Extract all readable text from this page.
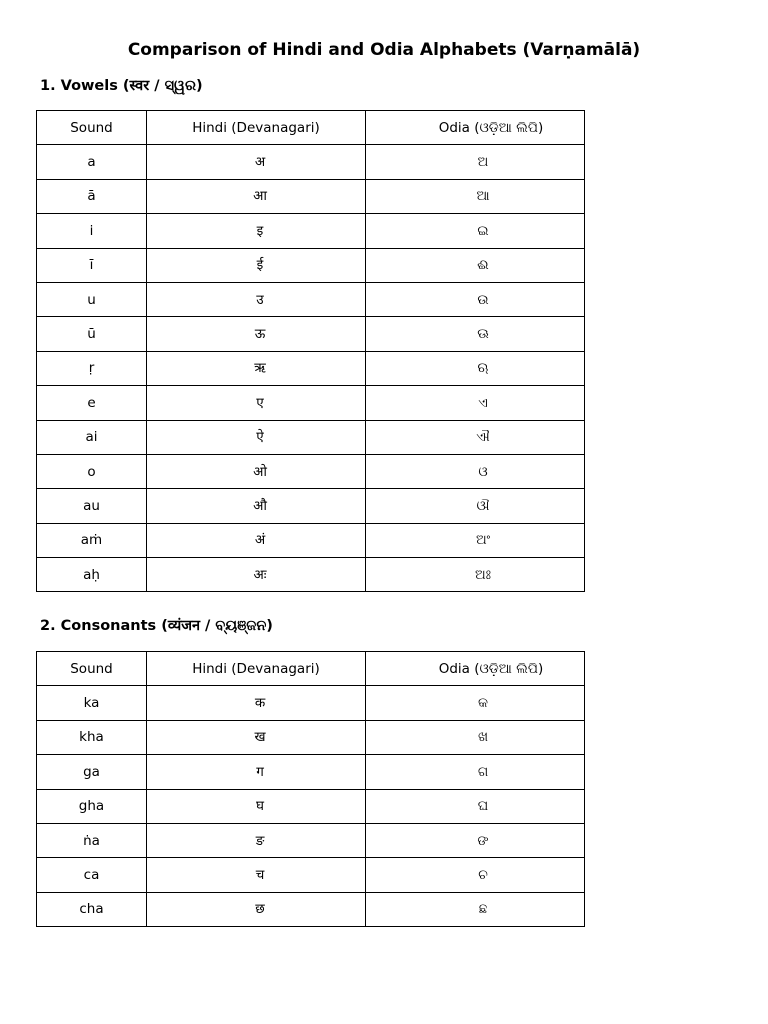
Comparison of Hindi and Odia Alphabets (Varṇamālā)
1. Vowels (स्वर / ସ୍ୱର)
Sound	Hindi (Devanagari)	Odia (ଓଡ଼ିଆ ଲିପି)
a	अ	ଅ
ā	आ	ଆ
i	इ	ଇ
ī	ई	ଈ
u	उ	ଉ
ū	ऊ	ଊ
ṛ	ऋ	ଋ
e	ए	ଏ
ai	ऐ	ଐ
o	ओ	ଓ
au	औ	ଔ
aṁ	अं	ଅଂ
aḥ	अः	ଅଃ
2. Consonants (व्यंजन / ବ୍ୟଞ୍ଜନ)
Sound	Hindi (Devanagari)	Odia (ଓଡ଼ିଆ ଲିପି)
ka	क	କ
kha	ख	ଖ
ga	ग	ଗ
gha	घ	ଘ
ṅa	ङ	ଙ
ca	च	ଚ
cha	छ	ଛ
